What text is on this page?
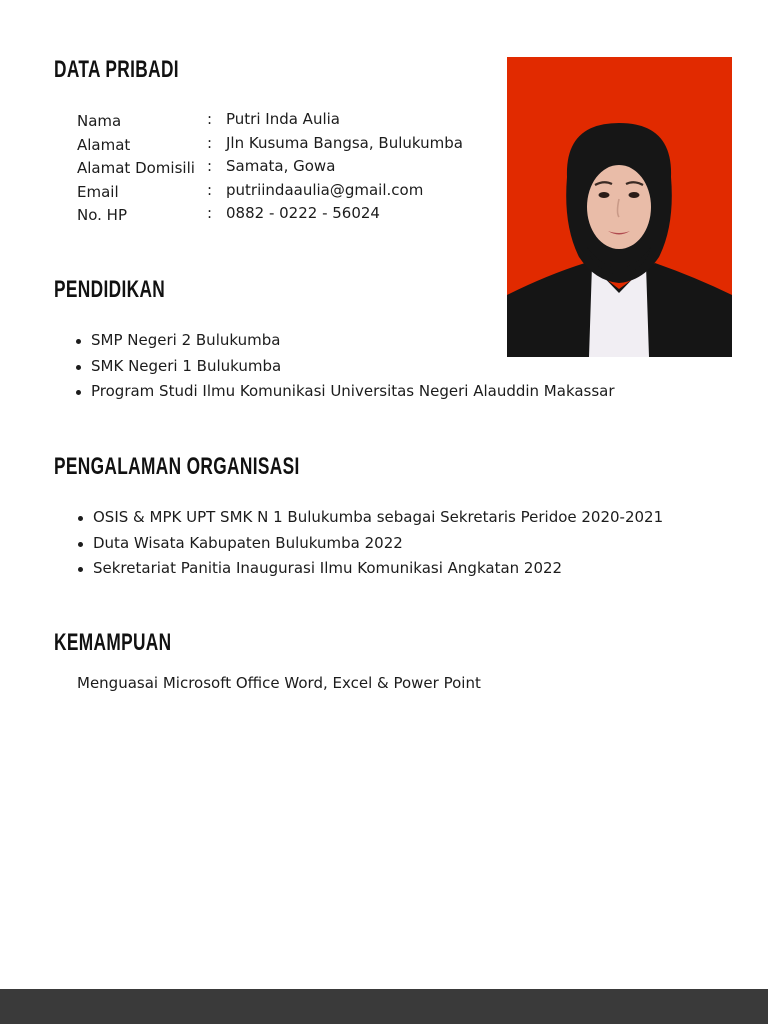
DATA PRIBADI
Nama	: Putri Inda Aulia
Alamat	: Jln Kusuma Bangsa, Bulukumba
Alamat Domisili : Samata, Gowa
Email	: putriindaaulia@gmail.com
No. HP	: 0882 - 0222 - 56024
PENDIDIKAN
SMP Negeri 2 Bulukumba
SMK Negeri 1 Bulukumba
Program Studi Ilmu Komunikasi Universitas Negeri Alauddin Makassar
PENGALAMAN ORGANISASI
OSIS & MPK UPT SMK N 1 Bulukumba sebagai Sekretaris Peridoe 2020-2021
Duta Wisata Kabupaten Bulukumba 2022
Sekretariat Panitia Inaugurasi Ilmu Komunikasi Angkatan 2022
KEMAMPUAN
Menguasai Microsoft Office Word, Excel & Power Point
